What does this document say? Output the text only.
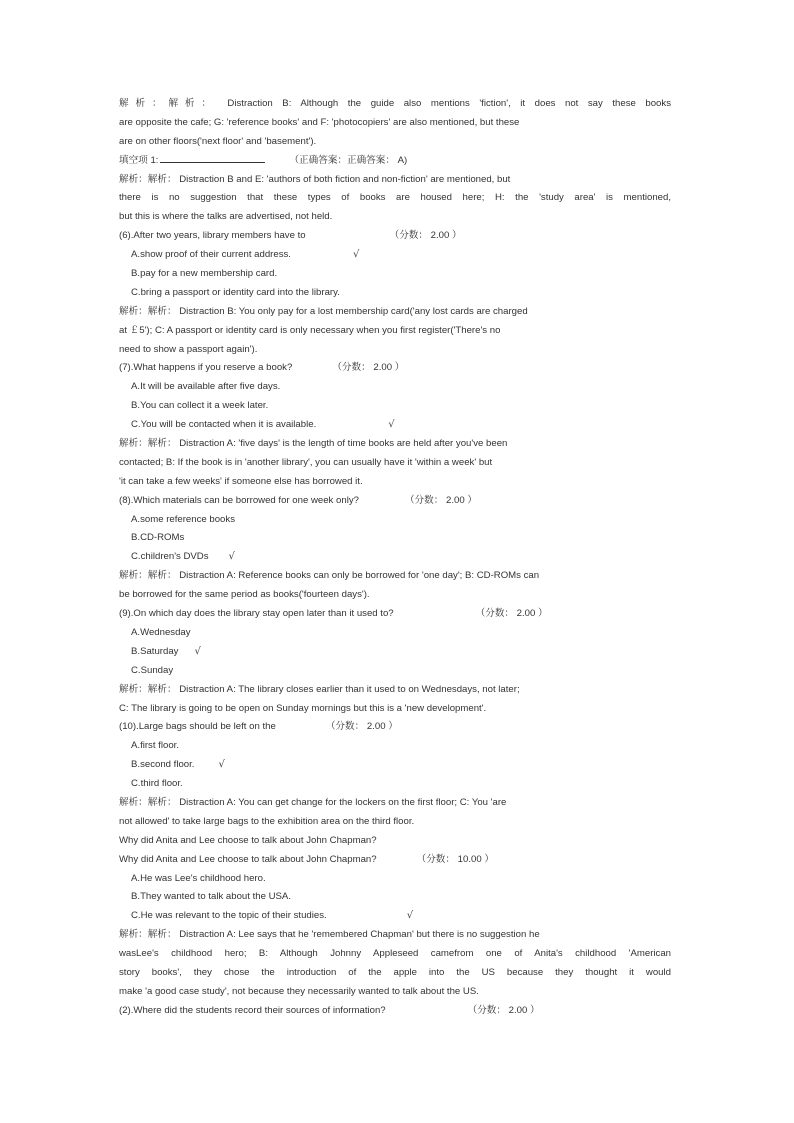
解析：解析： Distraction B: Although the guide also mentions 'fiction', it does not say these books
are opposite the cafe; G: 'reference books' and F: 'photocopiers' are also mentioned, but these
are on other floors('next floor' and 'basement').
填空项 1:	（正确答案：正确答案： A)
解析：解析： Distraction B and E: 'authors of both fiction and non-fiction' are mentioned, but
there is no suggestion that these types of books are housed here; H: the 'study area' is mentioned,
but this is where the talks are advertised, not held.
(6).After two years, library members have to	（分数： 2.00 ）
A.show proof of their current address.	√
B.pay for a new membership card.
C.bring a passport or identity card into the library.
解析：解析： Distraction B: You only pay for a lost membership card('any lost cards are charged
at ￡5'); C: A passport or identity card is only necessary when you first register('There's no
need to show a passport again').
(7).What happens if you reserve a book?	（分数： 2.00 ）
A.It will be available after five days.
B.You can collect it a week later.
C.You will be contacted when it is available.	√
解析：解析： Distraction A: 'five days' is the length of time books are held after you've been
contacted; B: If the book is in 'another library', you can usually have it 'within a week' but
'it can take a few weeks' if someone else has borrowed it.
(8).Which materials can be borrowed for one week only?	（分数： 2.00 ）
A.some reference books
B.CD-ROMs
C.children's DVDs √
解析：解析： Distraction A: Reference books can only be borrowed for 'one day'; B: CD-ROMs can
be borrowed for the same period as books('fourteen days').
(9).On which day does the library stay open later than it used to?	（分数： 2.00 ）
A.Wednesday
B.Saturday √
C.Sunday
解析：解析： Distraction A: The library closes earlier than it used to on Wednesdays, not later;
C: The library is going to be open on Sunday mornings but this is a 'new development'.
(10).Large bags should be left on the	（分数： 2.00 ）
A.first floor.
B.second floor. √
C.third floor.
解析：解析： Distraction A: You can get change for the lockers on the first floor; C: You 'are
not allowed' to take large bags to the exhibition area on the third floor.
Why did Anita and Lee choose to talk about John Chapman?
Why did Anita and Lee choose to talk about John Chapman?	（分数： 10.00 ）
A.He was Lee's childhood hero.
B.They wanted to talk about the USA.
C.He was relevant to the topic of their studies.	√
解析：解析： Distraction A: Lee says that he 'remembered Chapman' but there is no suggestion he
wasLee's childhood hero; B: Although Johnny Appleseed camefrom one of Anita's childhood 'American
story books', they chose the introduction of the apple into the US because they thought it would
make 'a good case study', not because they necessarily wanted to talk about the US.
(2).Where did the students record their sources of information?	（分数： 2.00 ）
